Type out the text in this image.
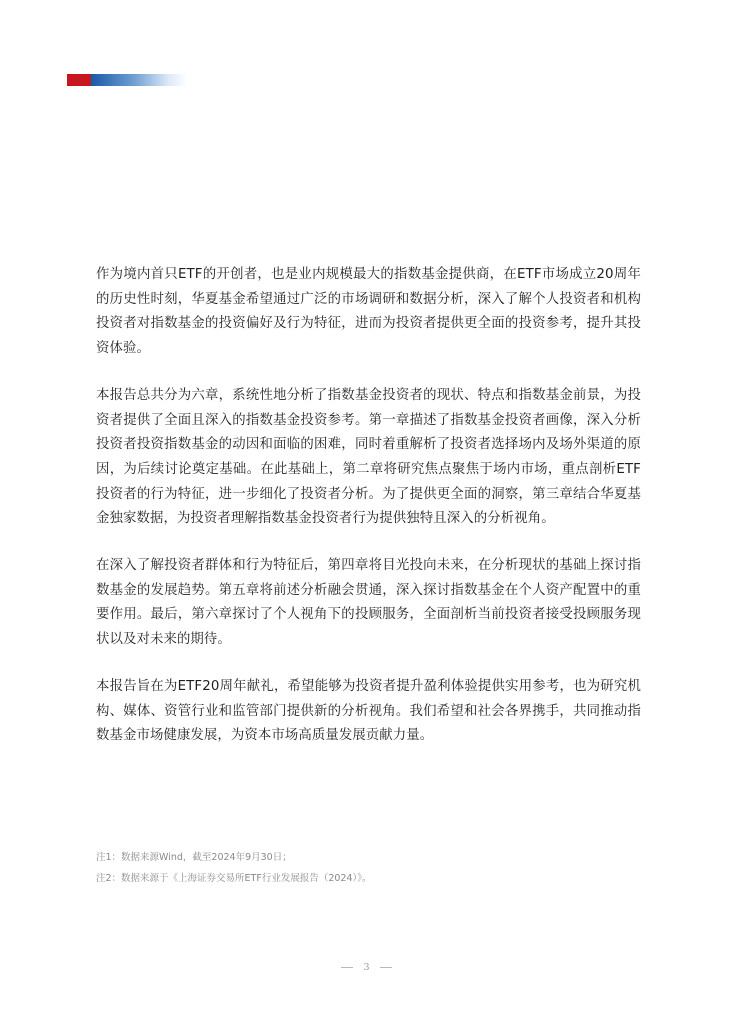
作为境内首只ETF的开创者，也是业内规模最大的指数基金提供商，在ETF市场成立20周年的历史性时刻，华夏基金希望通过广泛的市场调研和数据分析，深入了解个人投资者和机构投资者对指数基金的投资偏好及行为特征，进而为投资者提供更全面的投资参考，提升其投资体验。

本报告总共分为六章，系统性地分析了指数基金投资者的现状、特点和指数基金前景，为投资者提供了全面且深入的指数基金投资参考。第一章描述了指数基金投资者画像，深入分析投资者投资指数基金的动因和面临的困难，同时着重解析了投资者选择场内及场外渠道的原因，为后续讨论奠定基础。在此基础上，第二章将研究焦点聚焦于场内市场，重点剖析ETF投资者的行为特征，进一步细化了投资者分析。为了提供更全面的洞察，第三章结合华夏基金独家数据，为投资者理解指数基金投资者行为提供独特且深入的分析视角。

在深入了解投资者群体和行为特征后，第四章将目光投向未来，在分析现状的基础上探讨指数基金的发展趋势。第五章将前述分析融会贯通，深入探讨指数基金在个人资产配置中的重要作用。最后，第六章探讨了个人视角下的投顾服务，全面剖析当前投资者接受投顾服务现状以及对未来的期待。

本报告旨在为ETF20周年献礼，希望能够为投资者提升盈利体验提供实用参考，也为研究机构、媒体、资管行业和监管部门提供新的分析视角。我们希望和社会各界携手，共同推动指数基金市场健康发展，为资本市场高质量发展贡献力量。

注1：数据来源Wind，截至2024年9月30日；

注2：数据来源于《上海证券交易所ETF行业发展报告（2024）》。

3
